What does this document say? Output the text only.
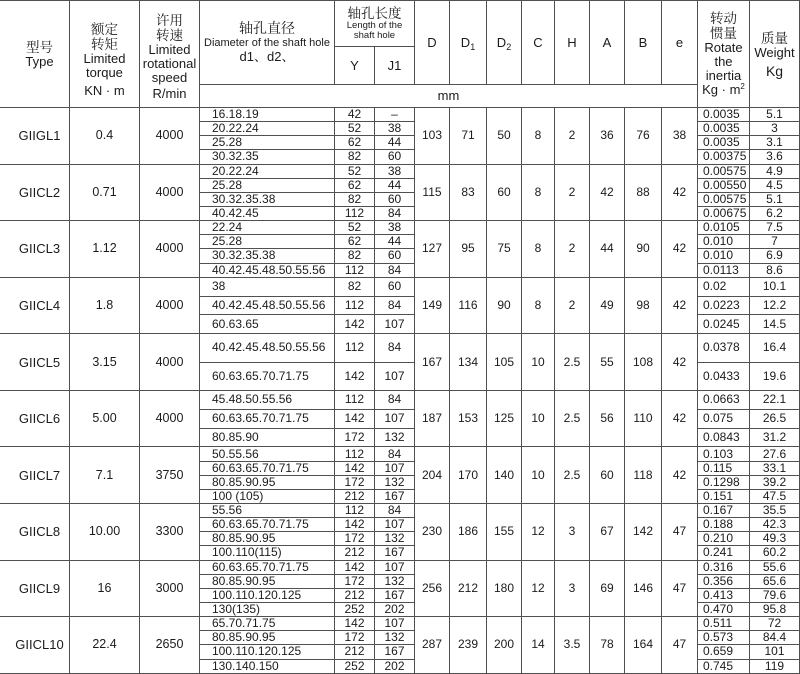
型号
Type
额定
转矩
Limited
torque
KN · m
许用
转速
Limited
rotational
speed
R/min
轴孔直径
Diameter of the shaft hole
d1、d2、
轴孔长度
Length of the
shaft hole
Y J1
D $D_1$ $D_2$ C H A B e
mm
转动
惯量
Rotate
the
inertia
$Kg \cdot m^2$
质量
Weight
Kg
GIIGL1	0.4	4000	103	71	50	8	2	36	76	38
16.18.19	42	–	0.0035	5.1
20.22.24	52	38	0.0035	3
25.28	62	44	0.0035	3.1
30.32.35	82	60	0.00375	3.6
GIICL2	0.71	4000	115	83	60	8	2	42	88	42
20.22.24	52	38	0.00575	4.9
25.28	62	44	0.00550	4.5
30.32.35.38	82	60	0.00575	5.1
40.42.45	112	84	0.00675	6.2
GIICL3	1.12	4000	127	95	75	8	2	44	90	42
22.24	52	38	0.0105	7.5
25.28	62	44	0.010	7
30.32.35.38	82	60	0.010	6.9
40.42.45.48.50.55.56	112	84	0.0113	8.6
GIICL4	1.8	4000	149	116	90	8	2	49	98	42
38	82	60	0.02	10.1
40.42.45.48.50.55.56	112	84	0.0223	12.2
60.63.65	142	107	0.0245	14.5
GIICL5	3.15	4000	167	134	105	10	2.5	55	108	42
40.42.45.48.50.55.56	112	84	0.0378	16.4
60.63.65.70.71.75	142	107	0.0433	19.6
GIICL6	5.00	4000	187	153	125	10	2.5	56	110	42
45.48.50.55.56	112	84	0.0663	22.1
60.63.65.70.71.75	142	107	0.075	26.5
80.85.90	172	132	0.0843	31.2
GIICL7	7.1	3750	204	170	140	10	2.5	60	118	42
50.55.56	112	84	0.103	27.6
60.63.65.70.71.75	142	107	0.115	33.1
80.85.90.95	172	132	0.1298	39.2
100 (105)	212	167	0.151	47.5
GIICL8	10.00	3300	230	186	155	12	3	67	142	47
55.56	112	84	0.167	35.5
60.63.65.70.71.75	142	107	0.188	42.3
80.85.90.95	172	132	0.210	49.3
100.110(115)	212	167	0.241	60.2
GIICL9	16	3000	256	212	180	12	3	69	146	47
60.63.65.70.71.75	142	107	0.316	55.6
80.85.90.95	172	132	0.356	65.6
100.110.120.125	212	167	0.413	79.6
130(135)	252	202	0.470	95.8
GIICL10	22.4	2650	287	239	200	14	3.5	78	164	47
65.70.71.75	142	107	0.511	72
80.85.90.95	172	132	0.573	84.4
100.110.120.125	212	167	0.659	101
130.140.150	252	202	0.745	119
